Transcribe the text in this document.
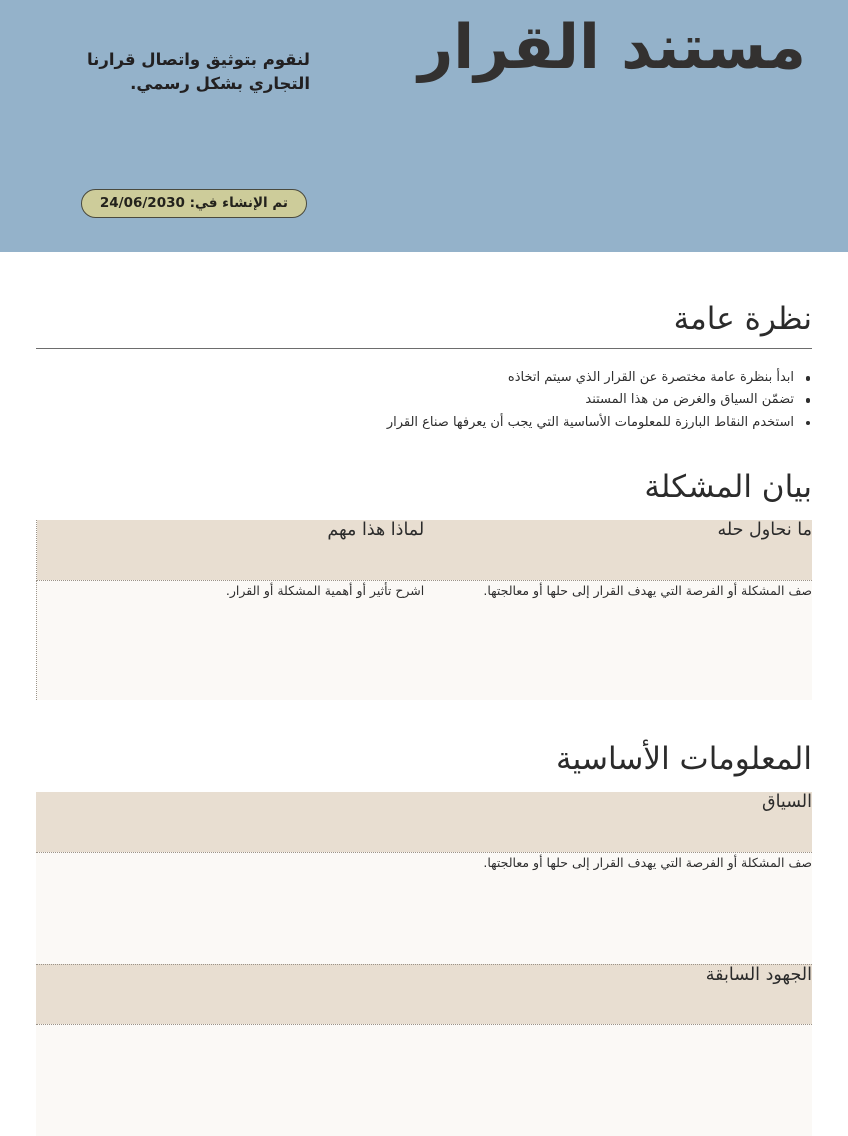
مستند القرار
لنقوم بتوثيق واتصال قرارنا التجاري بشكل رسمي.
تم الإنشاء في: 24/06/2030
نظرة عامة
ابدأ بنظرة عامة مختصرة عن القرار الذي سيتم اتخاذه
تضمّن السياق والغرض من هذا المستند
استخدم النقاط البارزة للمعلومات الأساسية التي يجب أن يعرفها صناع القرار
بيان المشكلة
ما نحاول حله	لماذا هذا مهم
صف المشكلة أو الفرصة التي يهدف القرار إلى حلها أو معالجتها.	اشرح تأثير أو أهمية المشكلة أو القرار.
المعلومات الأساسية
السياق
صف المشكلة أو الفرصة التي يهدف القرار إلى حلها أو معالجتها.
الجهود السابقة
